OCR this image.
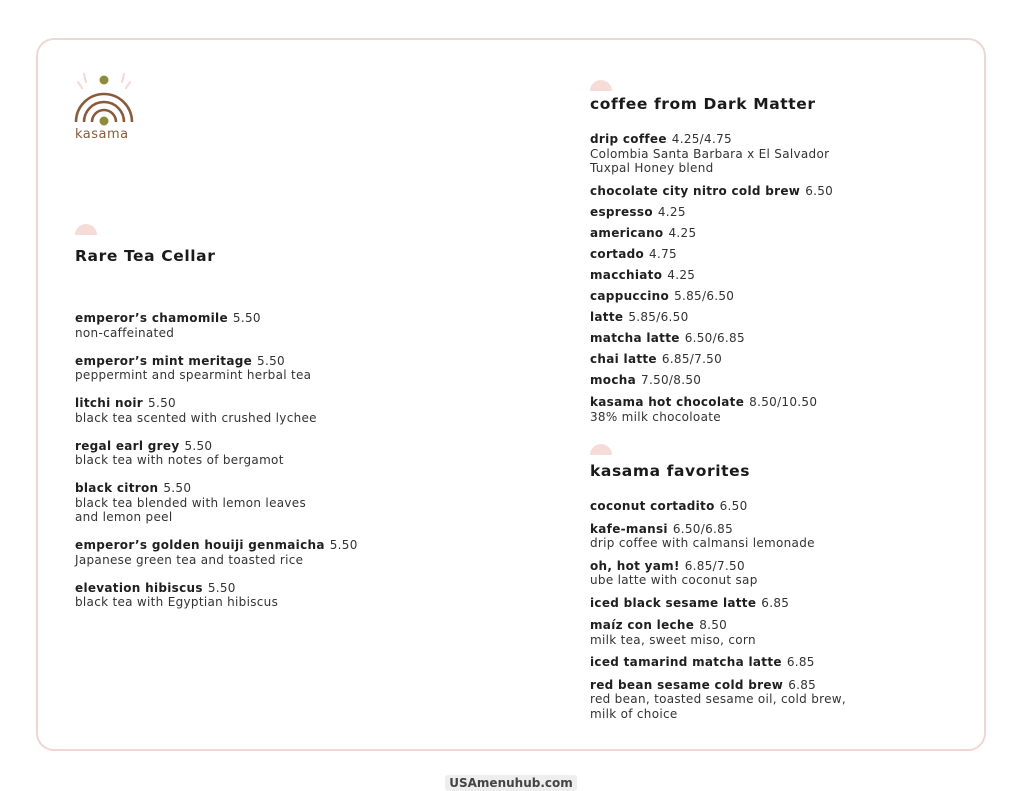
kasama
Rare Tea Cellar
emperor’s chamomile 5.50
non-caffeinated
emperor’s mint meritage 5.50
peppermint and spearmint herbal tea
litchi noir 5.50
black tea scented with crushed lychee
regal earl grey 5.50
black tea with notes of bergamot
black citron 5.50
black tea blended with lemon leaves
and lemon peel
emperor’s golden houiji genmaicha 5.50
Japanese green tea and toasted rice
elevation hibiscus 5.50
black tea with Egyptian hibiscus
coffee from Dark Matter
drip coffee 4.25/4.75
Colombia Santa Barbara x El Salvador
Tuxpal Honey blend
chocolate city nitro cold brew 6.50
espresso 4.25
americano 4.25
cortado 4.75
macchiato 4.25
cappuccino 5.85/6.50
latte 5.85/6.50
matcha latte 6.50/6.85
chai latte 6.85/7.50
mocha 7.50/8.50
kasama hot chocolate 8.50/10.50
38% milk chocoloate
kasama favorites
coconut cortadito 6.50
kafe-mansi 6.50/6.85
drip coffee with calmansi lemonade
oh, hot yam! 6.85/7.50
ube latte with coconut sap
iced black sesame latte 6.85
maíz con leche 8.50
milk tea, sweet miso, corn
iced tamarind matcha latte 6.85
red bean sesame cold brew 6.85
red bean, toasted sesame oil, cold brew,
milk of choice
USAmenuhub.com
